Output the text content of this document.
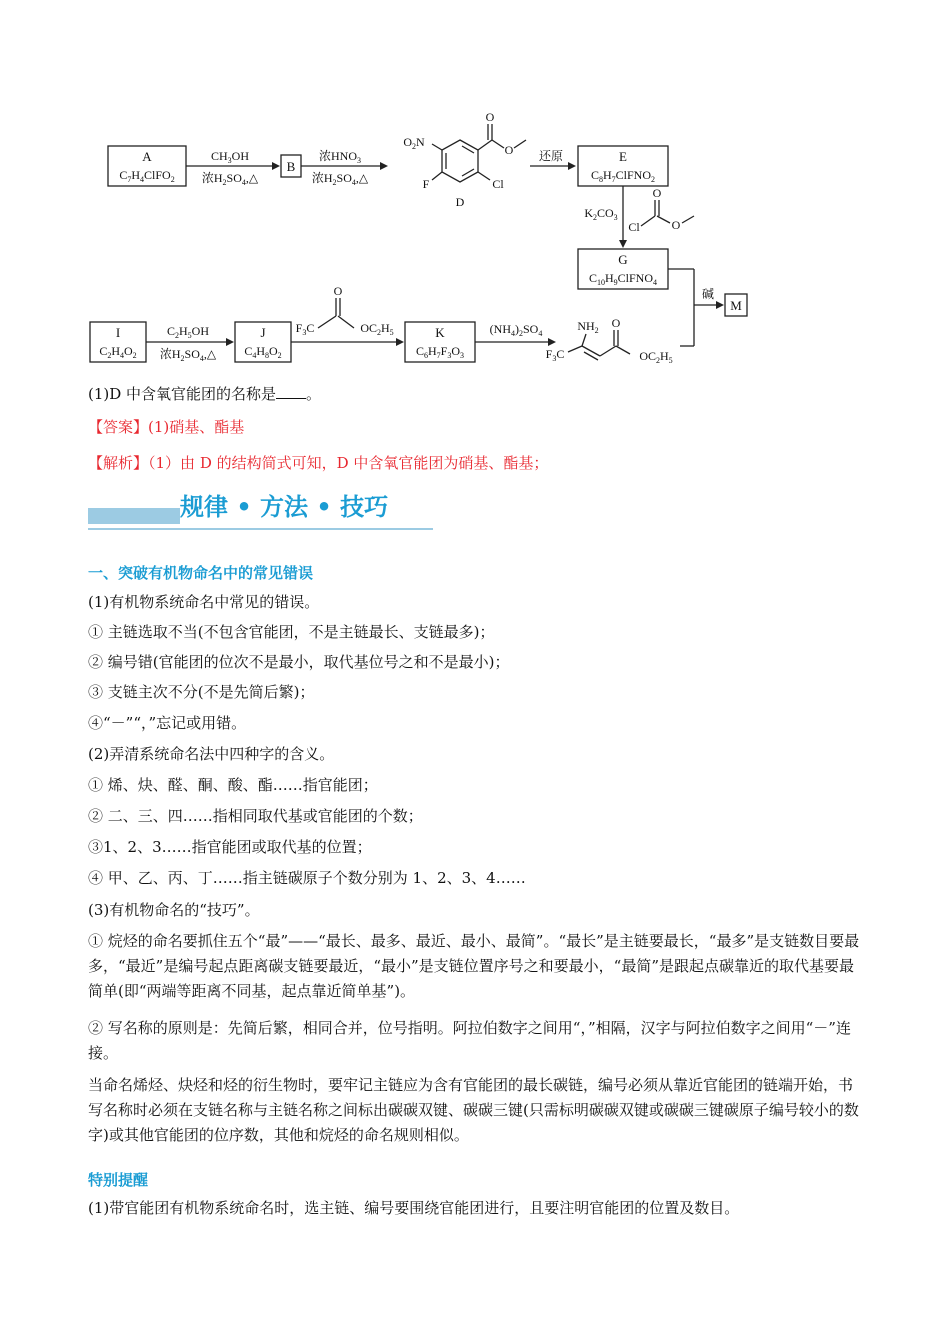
A
$C_7H_4ClFO_2$
$CH_3OH$
浓$H_2SO_4,\triangle$
B
浓$HNO_3$
浓$H_2SO_4,\triangle$
O
O
Cl
F
$O_2N$
D
还原	E
$C_8H_7ClFNO_2$
$K_2CO_3$
Cl
O
O
G
$C_{10}H_9ClFNO_4$
碱
M
I
$C_2H_4O_2$
$C_2H_5OH$
浓$H_2SO_4,\triangle$
J
$C_4H_8O_2$
$F_3C$
O
$OC_2H_5$	K
$C_6H_7F_3O_3$
$(NH_4)_2SO_4$
$NH_2$
$F_3C$
O
$OC_2H_5$
(1)D 中含氧官能团的名称是 。
【答案】(1)硝基、酯基
【解析】（1）由 D 的结构简式可知，D 中含氧官能团为硝基、酯基；
规律 • 方法 • 技巧
一、突破有机物命名中的常见错误
(1)有机物系统命名中常见的错误。
① 主链选取不当(不包含官能团，不是主链最长、支链最多)；
② 编号错(官能团的位次不是最小，取代基位号之和不是最小)；
③ 支链主次不分(不是先简后繁)；
④“－”“，”忘记或用错。
(2)弄清系统命名法中四种字的含义。
① 烯、炔、醛、酮、酸、酯……指官能团；
② 二、三、四……指相同取代基或官能团的个数；
③1、2、3……指官能团或取代基的位置；
④ 甲、乙、丙、丁……指主链碳原子个数分别为 1、2、3、4……
(3)有机物命名的“技巧”。
① 烷烃的命名要抓住五个“最”——“最长、最多、最近、最小、最简”。“最长”是主链要最长，“最多”是支链数目要最多，“最近”是编号起点距离碳支链要最近，“最小”是支链位置序号之和要最小，“最简”是跟起点碳靠近的取代基要最简单(即“两端等距离不同基，起点靠近简单基”)。
② 写名称的原则是：先简后繁，相同合并，位号指明。阿拉伯数字之间用“，”相隔，汉字与阿拉伯数字之间用“－”连接。
当命名烯烃、炔烃和烃的衍生物时，要牢记主链应为含有官能团的最长碳链，编号必须从靠近官能团的链端开始，书写名称时必须在支链名称与主链名称之间标出碳碳双键、碳碳三键(只需标明碳碳双键或碳碳三键碳原子编号较小的数字)或其他官能团的位序数，其他和烷烃的命名规则相似。
特别提醒
(1)带官能团有机物系统命名时，选主链、编号要围绕官能团进行，且要注明官能团的位置及数目。
